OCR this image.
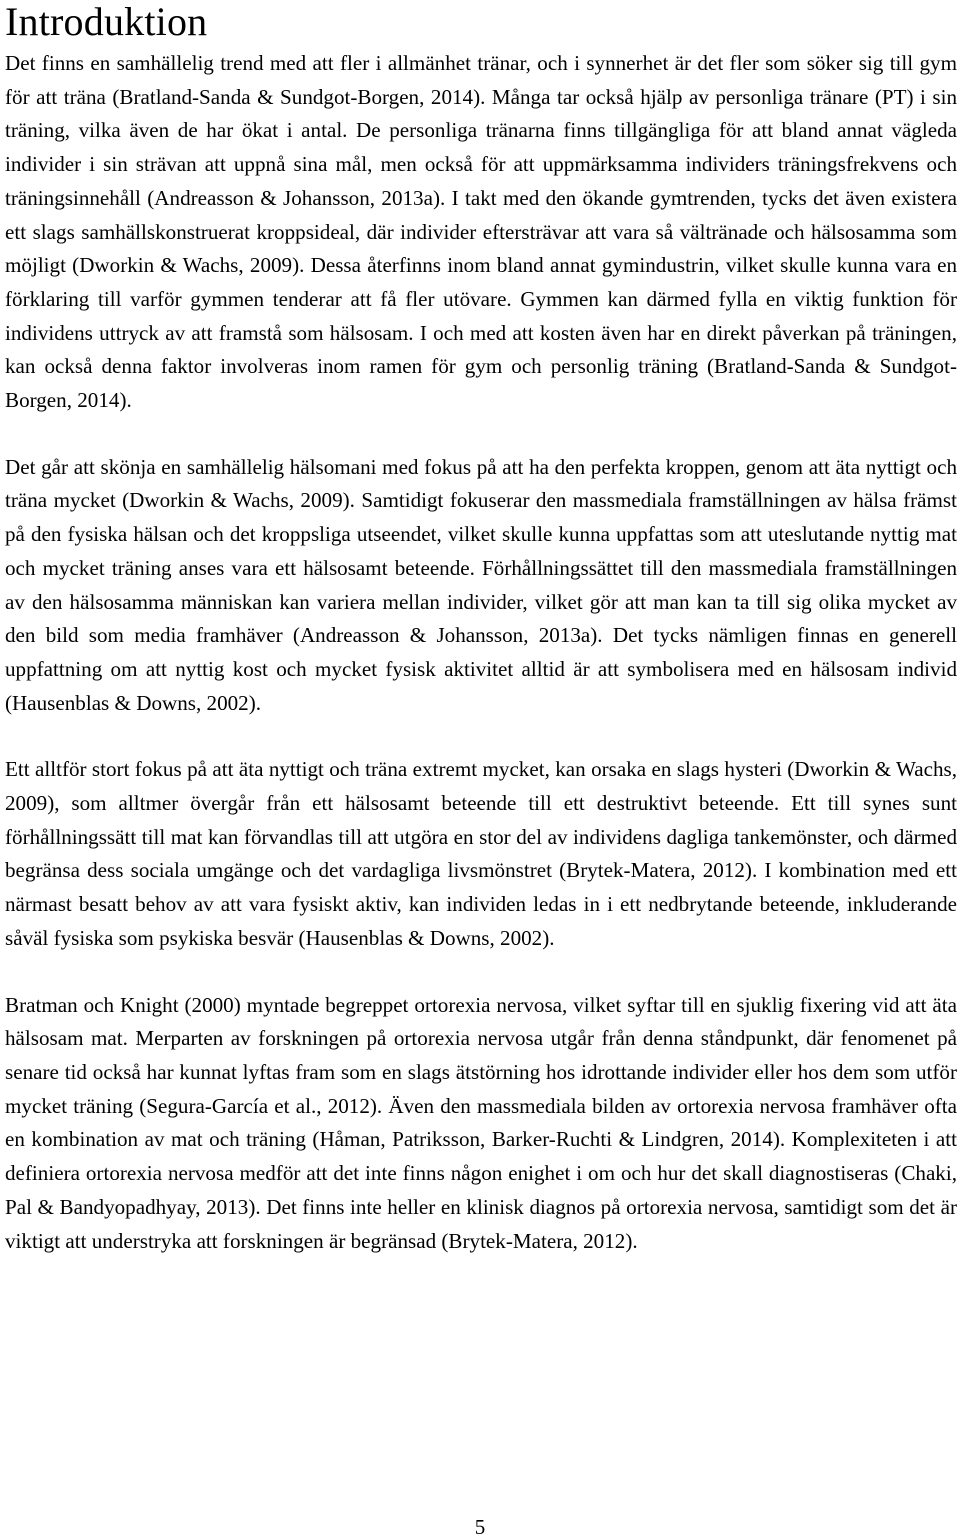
Introduktion

Det finns en samhällelig trend med att fler i allmänhet tränar, och i synnerhet är det fler som söker sig till gym för att träna (Bratland-Sanda & Sundgot-Borgen, 2014). Många tar också hjälp av personliga tränare (PT) i sin träning, vilka även de har ökat i antal. De personliga tränarna finns tillgängliga för att bland annat vägleda individer i sin strävan att uppnå sina mål, men också för att uppmärksamma individers träningsfrekvens och träningsinnehåll (Andreasson & Johansson, 2013a). I takt med den ökande gymtrenden, tycks det även existera ett slags samhällskonstruerat kroppsideal, där individer eftersträvar att vara så vältränade och hälsosamma som möjligt (Dworkin & Wachs, 2009). Dessa återfinns inom bland annat gymindustrin, vilket skulle kunna vara en förklaring till varför gymmen tenderar att få fler utövare. Gymmen kan därmed fylla en viktig funktion för individens uttryck av att framstå som hälsosam. I och med att kosten även har en direkt påverkan på träningen, kan också denna faktor involveras inom ramen för gym och personlig träning (Bratland-Sanda & Sundgot-Borgen, 2014).

Det går att skönja en samhällelig hälsomani med fokus på att ha den perfekta kroppen, genom att äta nyttigt och träna mycket (Dworkin & Wachs, 2009). Samtidigt fokuserar den massmediala framställningen av hälsa främst på den fysiska hälsan och det kroppsliga utseendet, vilket skulle kunna uppfattas som att uteslutande nyttig mat och mycket träning anses vara ett hälsosamt beteende. Förhållningssättet till den massmediala framställningen av den hälsosamma människan kan variera mellan individer, vilket gör att man kan ta till sig olika mycket av den bild som media framhäver (Andreasson & Johansson, 2013a). Det tycks nämligen finnas en generell uppfattning om att nyttig kost och mycket fysisk aktivitet alltid är att symbolisera med en hälsosam individ (Hausenblas & Downs, 2002).

Ett alltför stort fokus på att äta nyttigt och träna extremt mycket, kan orsaka en slags hysteri (Dworkin & Wachs, 2009), som alltmer övergår från ett hälsosamt beteende till ett destruktivt beteende. Ett till synes sunt förhållningssätt till mat kan förvandlas till att utgöra en stor del av individens dagliga tankemönster, och därmed begränsa dess sociala umgänge och det vardagliga livsmönstret (Brytek-Matera, 2012). I kombination med ett närmast besatt behov av att vara fysiskt aktiv, kan individen ledas in i ett nedbrytande beteende, inkluderande såväl fysiska som psykiska besvär (Hausenblas & Downs, 2002).

Bratman och Knight (2000) myntade begreppet ortorexia nervosa, vilket syftar till en sjuklig fixering vid att äta hälsosam mat. Merparten av forskningen på ortorexia nervosa utgår från denna ståndpunkt, där fenomenet på senare tid också har kunnat lyftas fram som en slags ätstörning hos idrottande individer eller hos dem som utför mycket träning (Segura-García et al., 2012). Även den massmediala bilden av ortorexia nervosa framhäver ofta en kombination av mat och träning (Håman, Patriksson, Barker-Ruchti & Lindgren, 2014). Komplexiteten i att definiera ortorexia nervosa medför att det inte finns någon enighet i om och hur det skall diagnostiseras (Chaki, Pal & Bandyopadhyay, 2013). Det finns inte heller en klinisk diagnos på ortorexia nervosa, samtidigt som det är viktigt att understryka att forskningen är begränsad (Brytek-Matera, 2012).

5
